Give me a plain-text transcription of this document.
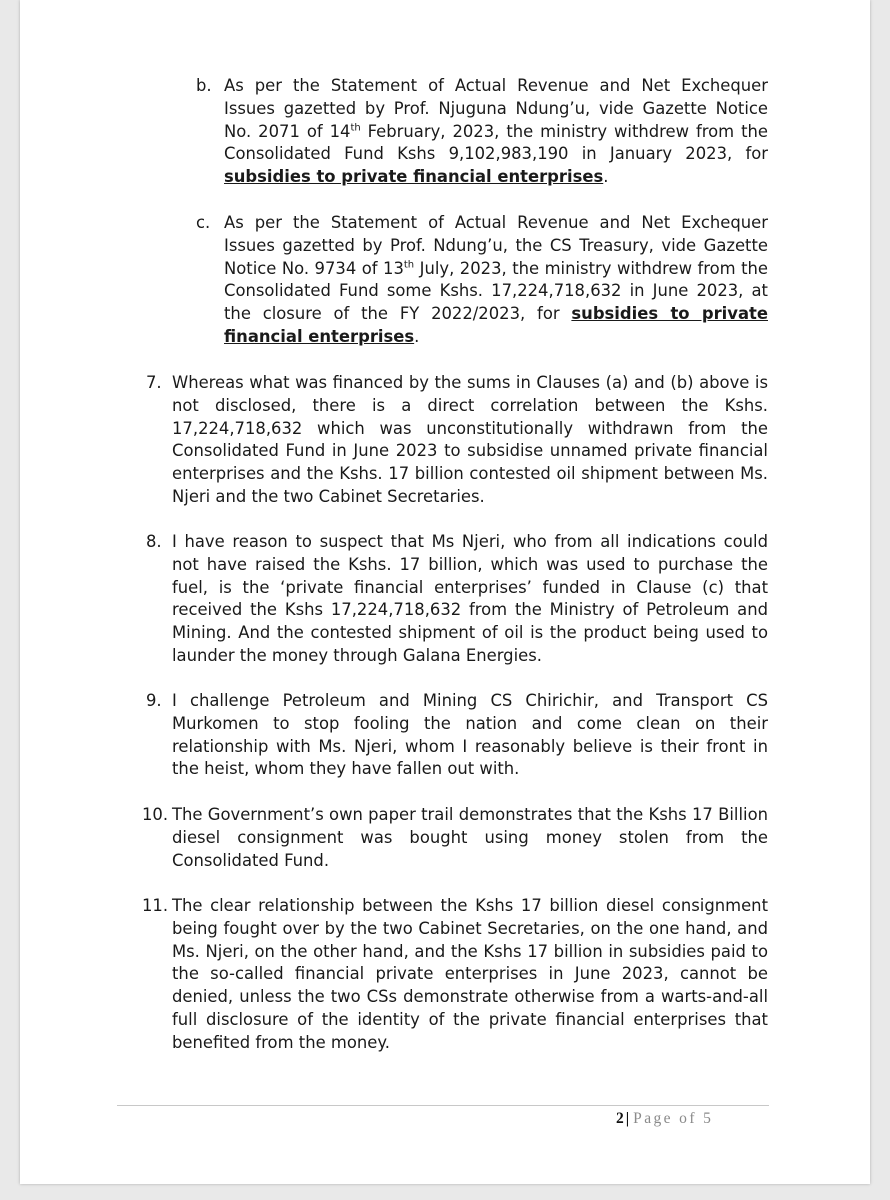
b. As per the Statement of Actual Revenue and Net Exchequer Issues gazetted by Prof. Njuguna Ndung’u, vide Gazette Notice No. 2071 of 14th February, 2023, the ministry withdrew from the Consolidated Fund Kshs 9,102,983,190 in January 2023, for subsidies to private financial enterprises.
c. As per the Statement of Actual Revenue and Net Exchequer Issues gazetted by Prof. Ndung’u, the CS Treasury, vide Gazette Notice No. 9734 of 13th July, 2023, the ministry withdrew from the Consolidated Fund some Kshs. 17,224,718,632 in June 2023, at the closure of the FY 2022/2023, for subsidies to private financial enterprises.
7. Whereas what was financed by the sums in Clauses (a) and (b) above is not disclosed, there is a direct correlation between the Kshs. 17,224,718,632 which was unconstitutionally withdrawn from the Consolidated Fund in June 2023 to subsidise unnamed private financial enterprises and the Kshs. 17 billion contested oil shipment between Ms. Njeri and the two Cabinet Secretaries.
8. I have reason to suspect that Ms Njeri, who from all indications could not have raised the Kshs. 17 billion, which was used to purchase the fuel, is the ‘private financial enterprises’ funded in Clause (c) that received the Kshs 17,224,718,632 from the Ministry of Petroleum and Mining. And the contested shipment of oil is the product being used to launder the money through Galana Energies.
9. I challenge Petroleum and Mining CS Chirichir, and Transport CS Murkomen to stop fooling the nation and come clean on their relationship with Ms. Njeri, whom I reasonably believe is their front in the heist, whom they have fallen out with.
10. The Government’s own paper trail demonstrates that the Kshs 17 Billion diesel consignment was bought using money stolen from the Consolidated Fund.
11. The clear relationship between the Kshs 17 billion diesel consignment being fought over by the two Cabinet Secretaries, on the one hand, and Ms. Njeri, on the other hand, and the Kshs 17 billion in subsidies paid to the so-called financial private enterprises in June 2023, cannot be denied, unless the two CSs demonstrate otherwise from a warts-and-all full disclosure of the identity of the private financial enterprises that benefited from the money.
2 | Page of 5
